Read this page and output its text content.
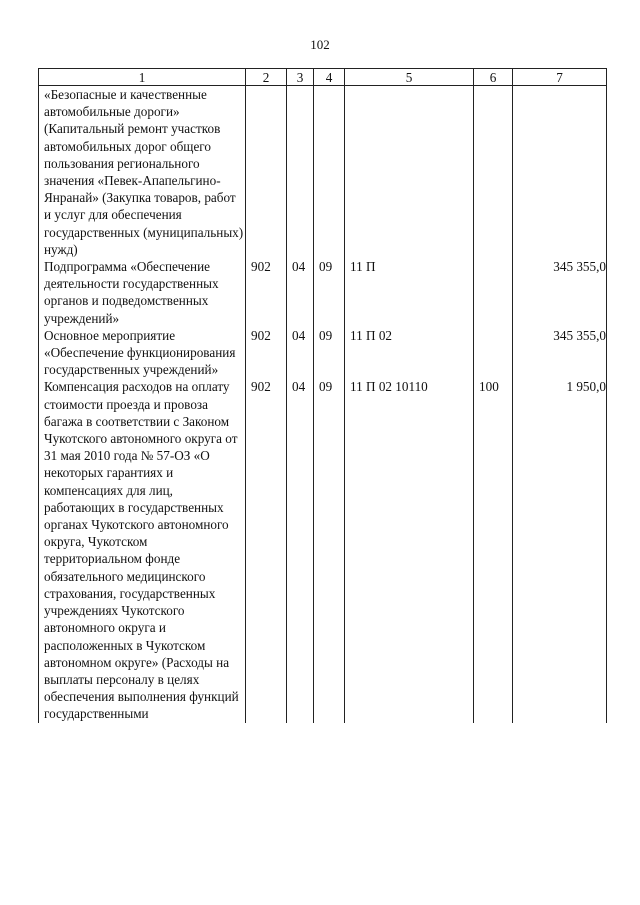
102
1	2	3	4	5	6	7
«Безопасные и качественные автомобильные дороги» (Капитальный ремонт участков автомобильных дорог общего пользования регионального значения «Певек-Апапельгино-Янранай» (Закупка товаров, работ и услуг для обеспечения государственных (муниципальных) нужд)						
Подпрограмма «Обеспечение деятельности государственных органов и подведомственных учреждений»	902	04	09	11 П		345 355,0
Основное мероприятие «Обеспечение функционирования государственных учреждений»	902	04	09	11 П 02		345 355,0
Компенсация расходов на оплату стоимости проезда и провоза багажа в соответствии с Законом Чукотского автономного округа от 31 мая 2010 года № 57-ОЗ «О некоторых гарантиях и компенсациях для лиц, работающих в государственных органах Чукотского автономного округа, Чукотском территориальном фонде обязательного медицинского страхования, государственных учреждениях Чукотского автономного округа и расположенных в Чукотском автономном округе» (Расходы на выплаты персоналу в целях обеспечения выполнения функций государственными	902	04	09	11 П 02 10110	100	1 950,0
